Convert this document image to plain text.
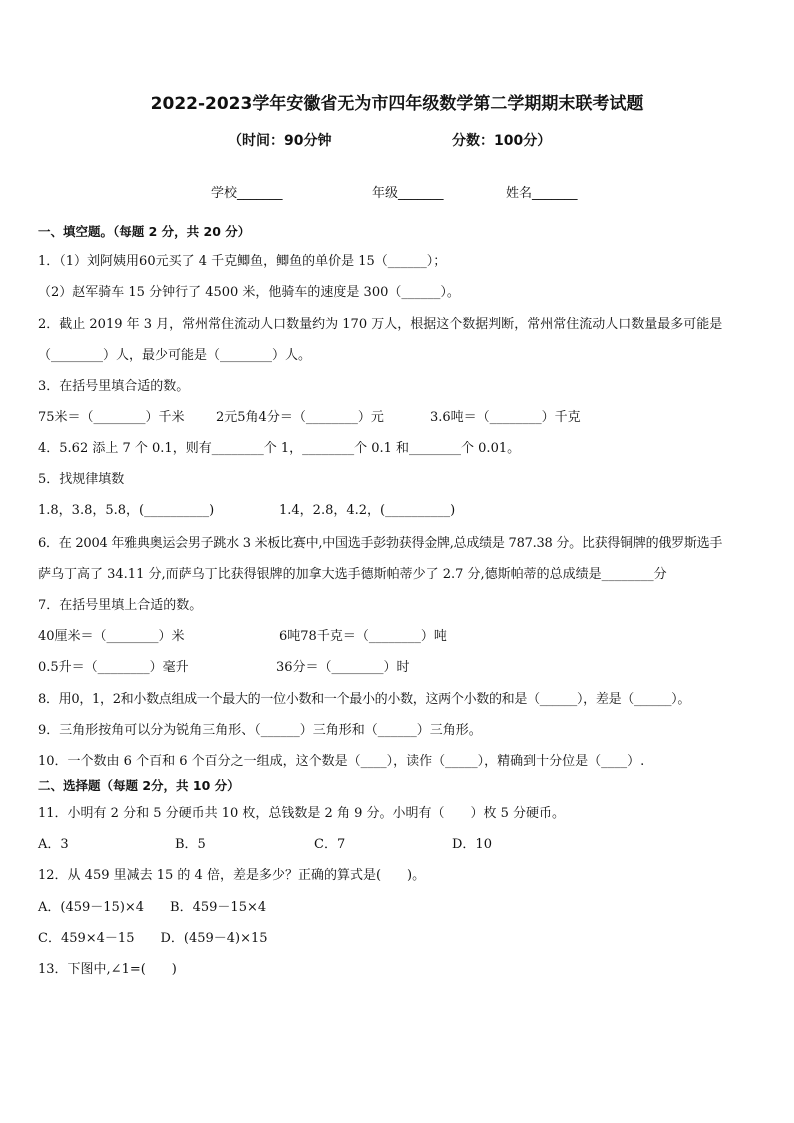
2022-2023学年安徽省无为市四年级数学第二学期期末联考试题
（时间：90分钟	分数：100分）
学校_______	年级_______	姓名_______
一、填空题。（每题 2 分，共 20 分）
1．（1）刘阿姨用60元买了 4 千克鲫鱼，鲫鱼的单价是 15（______）；
（2）赵军骑车 15 分钟行了 4500 米，他骑车的速度是 300（______）。
2．截止 2019 年 3 月，常州常住流动人口数量约为 170 万人，根据这个数据判断，常州常住流动人口数量最多可能是
（________）人，最少可能是（________）人。
3．在括号里填合适的数。
75米＝（________）千米 2元5角4分＝（________）元	3.6吨＝（________）千克
4．5.62 添上 7 个 0.1，则有________个 1，________个 0.1 和________个 0.01。
5．找规律填数
1.8，3.8，5.8，(__________)	1.4，2.8，4.2，(__________)
6．在 2004 年雅典奥运会男子跳水 3 米板比赛中,中国选手彭勃获得金牌,总成绩是 787.38 分。比获得铜牌的俄罗斯选手
萨乌丁高了 34.11 分,而萨乌丁比获得银牌的加拿大选手德斯帕蒂少了 2.7 分,德斯帕蒂的总成绩是________分
7．在括号里填上合适的数。
40厘米＝（________）米	6吨78千克＝（________）吨
0.5升＝（________）毫升	36分＝（________）时
8．用0，1，2和小数点组成一个最大的一位小数和一个最小的小数，这两个小数的和是（______），差是（______）。
9．三角形按角可以分为锐角三角形、（______）三角形和（______）三角形。
10．一个数由 6 个百和 6 个百分之一组成，这个数是（____），读作（_____），精确到十分位是（____）.
二、选择题（每题 2分，共 10 分）
11．小明有 2 分和 5 分硬币共 10 枚，总钱数是 2 角 9 分。小明有（　　）枚 5 分硬币。
A．3	B．5	C．7	D．10
12．从 459 里减去 15 的 4 倍，差是多少？正确的算式是(　　)。
A．(459－15)×4　　B．459－15×4
C．459×4－15　　D．(459－4)×15
13．下图中,∠1=(　　)
